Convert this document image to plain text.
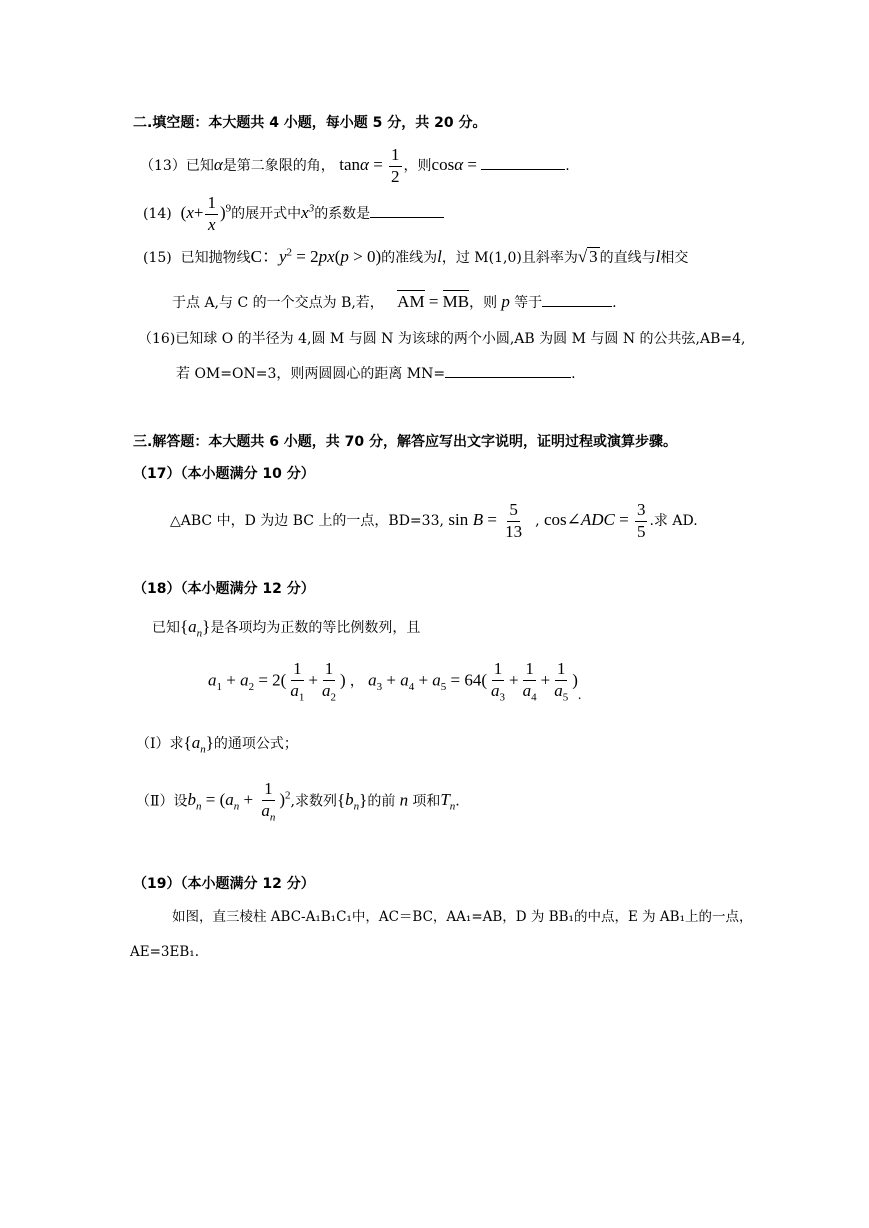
二.填空题：本大题共 4 小题，每小题 5 分，共 20 分。
（13）已知α是第二象限的角， $\tan\alpha = \frac{1}{2}$ ，则cosα =	.
(14) $(x+ \frac{1}{x} )^9$的展开式中$x^3$的系数是
(15) 已知抛物线C：$y^2 = 2px(p > 0)$的准线为l，过 M(1,0)且斜率为√ 3 的直线与l相交
于点 A,与 C 的一个交点为 B,若， AM = MB，则 p 等于	.
（16)已知球 O 的半径为 4,圆 M 与圆 N 为该球的两个小圆,AB 为圆 M 与圆 N 的公共弦,AB=4,
若 OM=ON=3，则两圆圆心的距离 MN=	.
三.解答题：本大题共 6 小题，共 70 分，解答应写出文字说明，证明过程或演算步骤。
（17）（本小题满分 10 分）
△ABC 中，D 为边 BC 上的一点，BD=33, $\sin B = \frac{5}{13}$ , cos∠ADC = $\frac{3}{5}$ .求 AD.
（18）（本小题满分 12 分）
已知$\{a_n\}$是各项均为正数的等比例数列，且
$a_1 + a_2 = 2( \frac{1}{a_1} + \frac{1}{a_2}$ ) ， $a_3 + a_4 + a_5 = 64( \frac{1}{a_3} + \frac{1}{a_4} + \frac{1}{a_5}$ ).
（Ⅰ）求$\{a_n\}$的通项公式；
（Ⅱ）设$b_n = (a_n + \frac{1}{a_n} )^2$,求数列$\{b_n\}$的前 n 项和$T_n$.
（19）（本小题满分 12 分）
如图，直三棱柱 ABC-A₁B₁C₁中，AC＝BC，AA₁=AB，D 为 BB₁的中点，E 为 AB₁上的一点，
AE=3EB₁.
